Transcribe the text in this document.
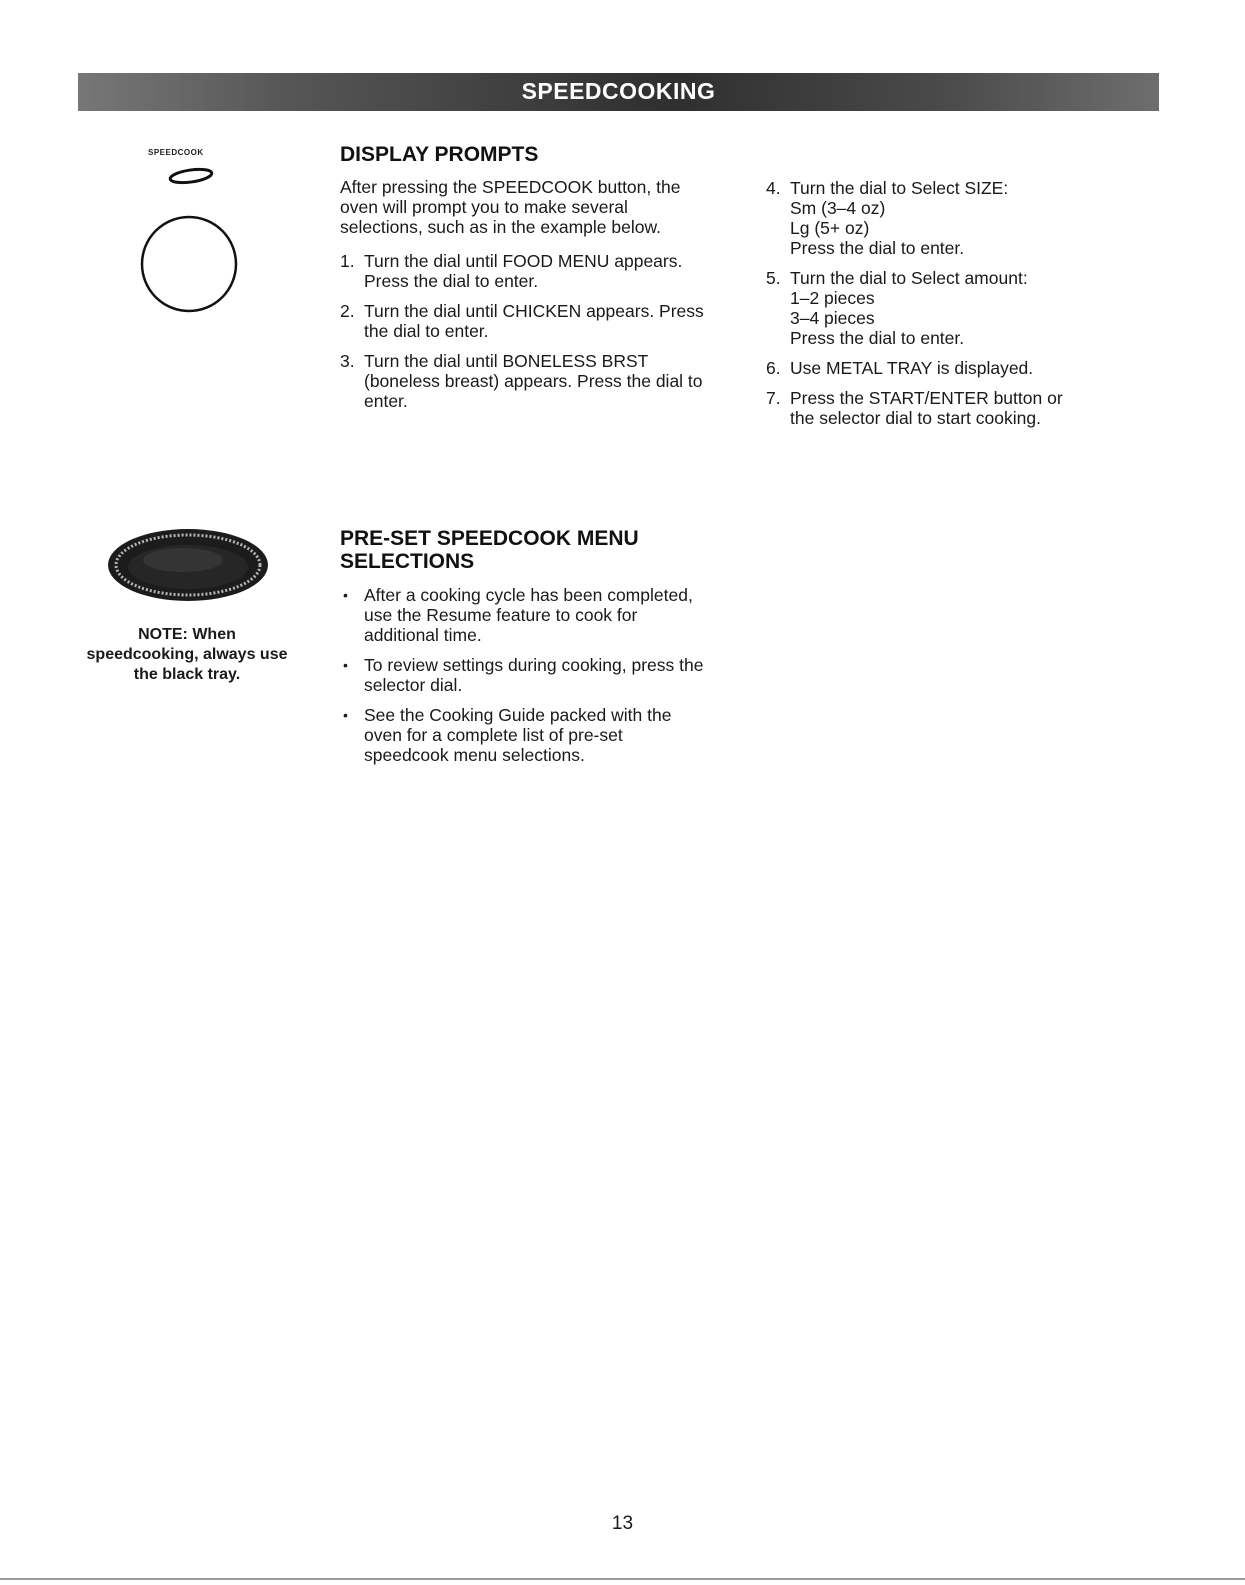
SPEEDCOOKING
SPEEDCOOK
NOTE: When speedcooking, always use the black tray.
DISPLAY PROMPTS

After pressing the SPEEDCOOK button, the oven will prompt you to make several selections, such as in the example below.

1. Turn the dial until FOOD MENU appears. Press the dial to enter.
2. Turn the dial until CHICKEN appears. Press the dial to enter.
3. Turn the dial until BONELESS BRST (boneless breast) appears. Press the dial to enter.
4. Turn the dial to Select SIZE:
Sm (3–4 oz)
Lg (5+ oz)
Press the dial to enter.
5. Turn the dial to Select amount:
1–2 pieces
3–4 pieces
Press the dial to enter.
6. Use METAL TRAY is displayed.
7. Press the START/ENTER button or
the selector dial to start cooking.
PRE-SET SPEEDCOOK MENU
SELECTIONS
• After a cooking cycle has been completed, use the Resume feature to cook for additional time.
• To review settings during cooking, press the selector dial.
• See the Cooking Guide packed with the oven for a complete list of pre-set speedcook menu selections.
13
